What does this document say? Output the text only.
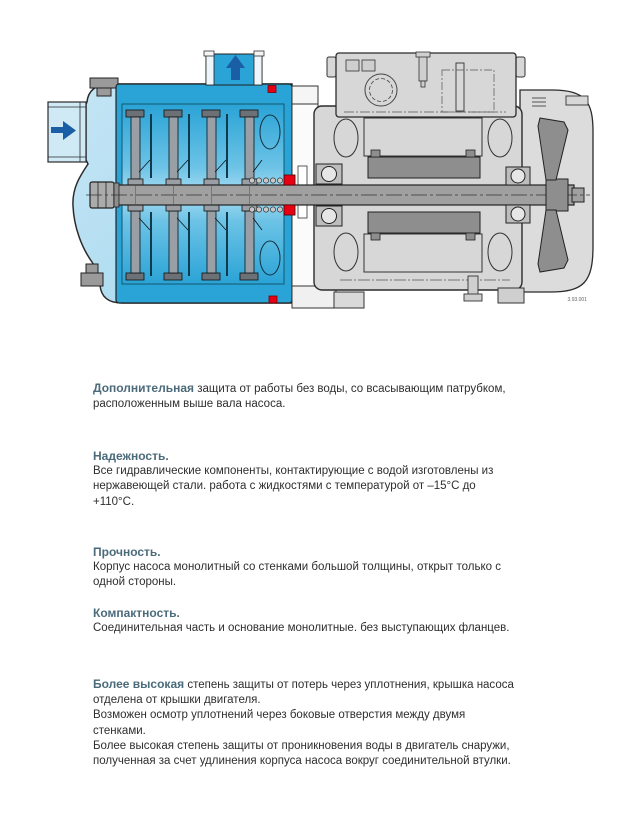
3.93.001

Дополнительная защита от работы без воды, со всасывающим патрубком, расположенным выше вала насоса.

Надежность.
Все гидравлические компоненты, контактирующие с водой изготовлены из нержавеющей стали. работа с жидкостями с температурой от –15°C до +110°C.
Прочность.
Корпус насоса монолитный со стенками большой толщины, открыт только с одной стороны.
Компактность.
Соединительная часть и основание монолитные. без выступающих фланцев.

Более высокая степень защиты от потерь через уплотнения, крышка насоса отделена от крышки двигателя.

Возможен осмотр уплотнений через боковые отверстия между двумя стенками.
Более высокая степень защиты от проникновения воды в двигатель снаружи, полученная за счет удлинения корпуса насоса вокруг соединительной втулки.
